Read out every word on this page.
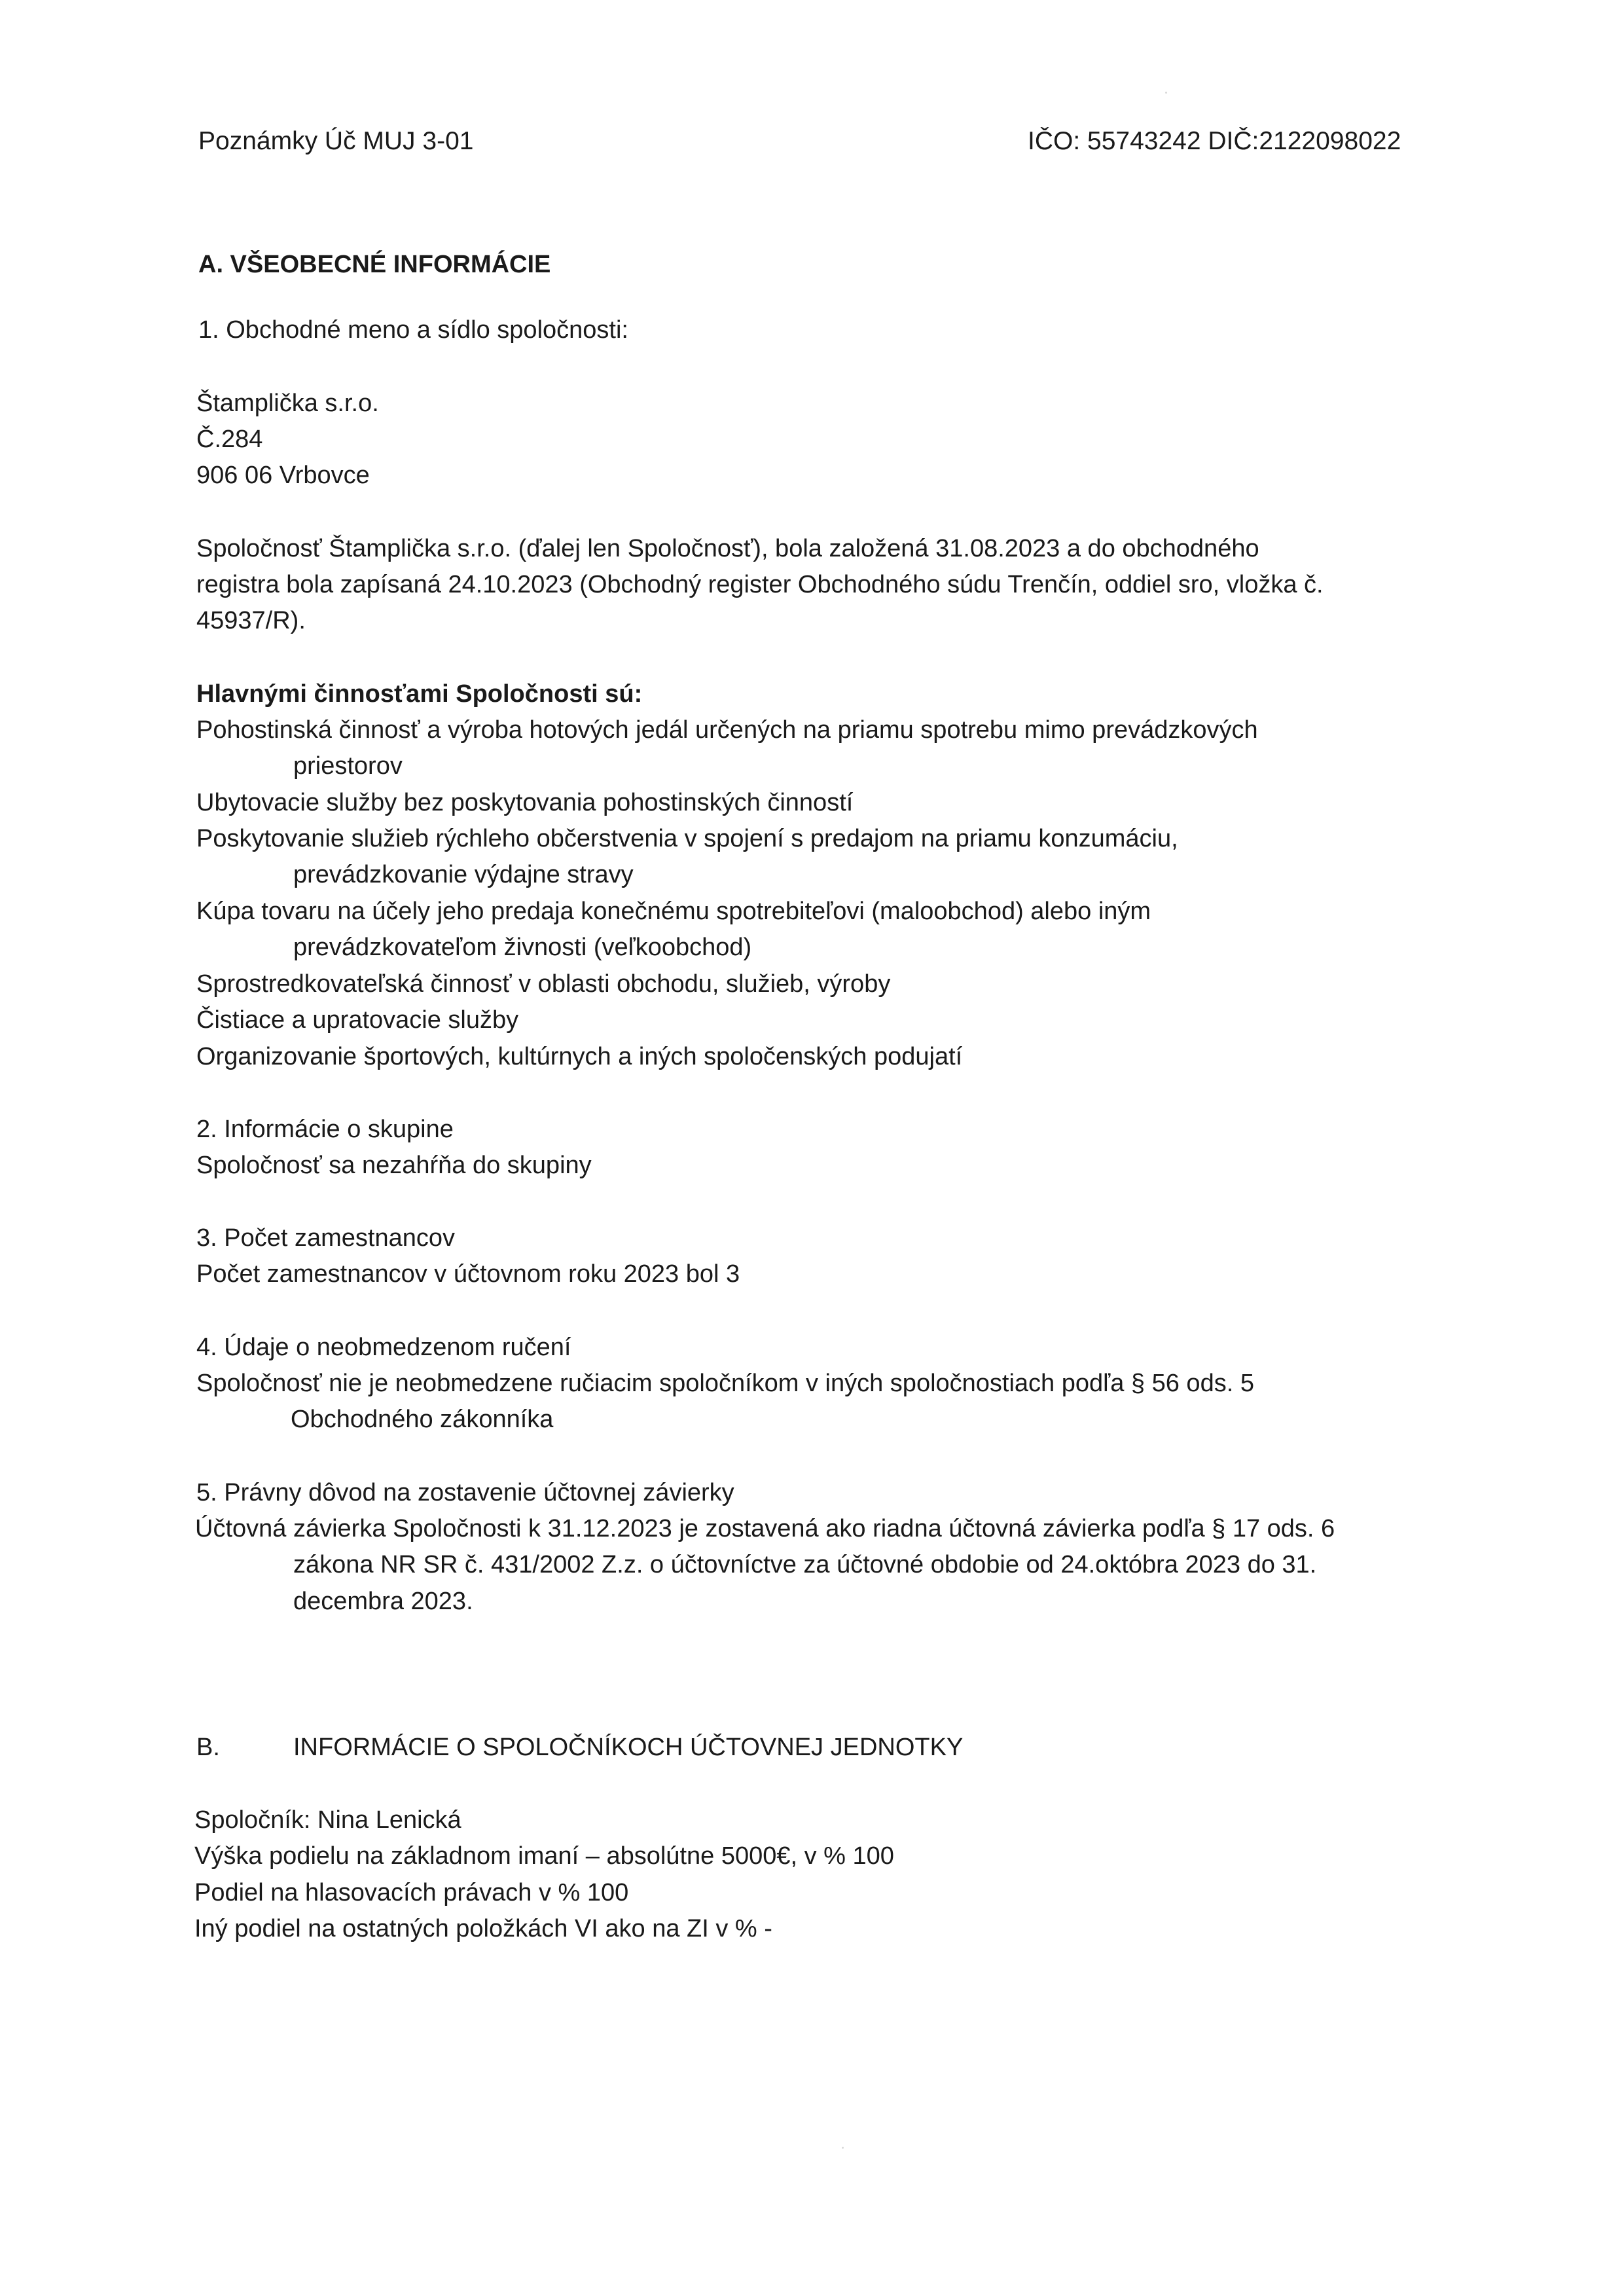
Poznámky Úč MUJ 3-01	IČO: 55743242 DIČ:2122098022
A. VŠEOBECNÉ INFORMÁCIE
1. Obchodné meno a sídlo spoločnosti:
Štamplička s.r.o.
Č.284
906 06 Vrbovce
Spoločnosť Štamplička s.r.o. (ďalej len Spoločnosť), bola založená 31.08.2023 a do obchodného
registra bola zapísaná 24.10.2023 (Obchodný register Obchodného súdu Trenčín, oddiel sro, vložka č.
45937/R).
Hlavnými činnosťami Spoločnosti sú:
Pohostinská činnosť a výroba hotových jedál určených na priamu spotrebu mimo prevádzkových
priestorov
Ubytovacie služby bez poskytovania pohostinských činností
Poskytovanie služieb rýchleho občerstvenia v spojení s predajom na priamu konzumáciu,
prevádzkovanie výdajne stravy
Kúpa tovaru na účely jeho predaja konečnému spotrebiteľovi (maloobchod) alebo iným
prevádzkovateľom živnosti (veľkoobchod)
Sprostredkovateľská činnosť v oblasti obchodu, služieb, výroby
Čistiace a upratovacie služby
Organizovanie športových, kultúrnych a iných spoločenských podujatí
2. Informácie o skupine
Spoločnosť sa nezahŕňa do skupiny
3. Počet zamestnancov
Počet zamestnancov v účtovnom roku 2023 bol 3
4. Údaje o neobmedzenom ručení
Spoločnosť nie je neobmedzene ručiacim spoločníkom v iných spoločnostiach podľa § 56 ods. 5
Obchodného zákonníka
5. Právny dôvod na zostavenie účtovnej závierky
Účtovná závierka Spoločnosti k 31.12.2023 je zostavená ako riadna účtovná závierka podľa § 17 ods. 6
zákona NR SR č. 431/2002 Z.z. o účtovníctve za účtovné obdobie od 24.októbra 2023 do 31.
decembra 2023.
B.	INFORMÁCIE O SPOLOČNÍKOCH ÚČTOVNEJ JEDNOTKY
Spoločník: Nina Lenická
Výška podielu na základnom imaní – absolútne 5000€, v % 100
Podiel na hlasovacích právach v % 100
Iný podiel na ostatných položkách VI ako na ZI v % -
